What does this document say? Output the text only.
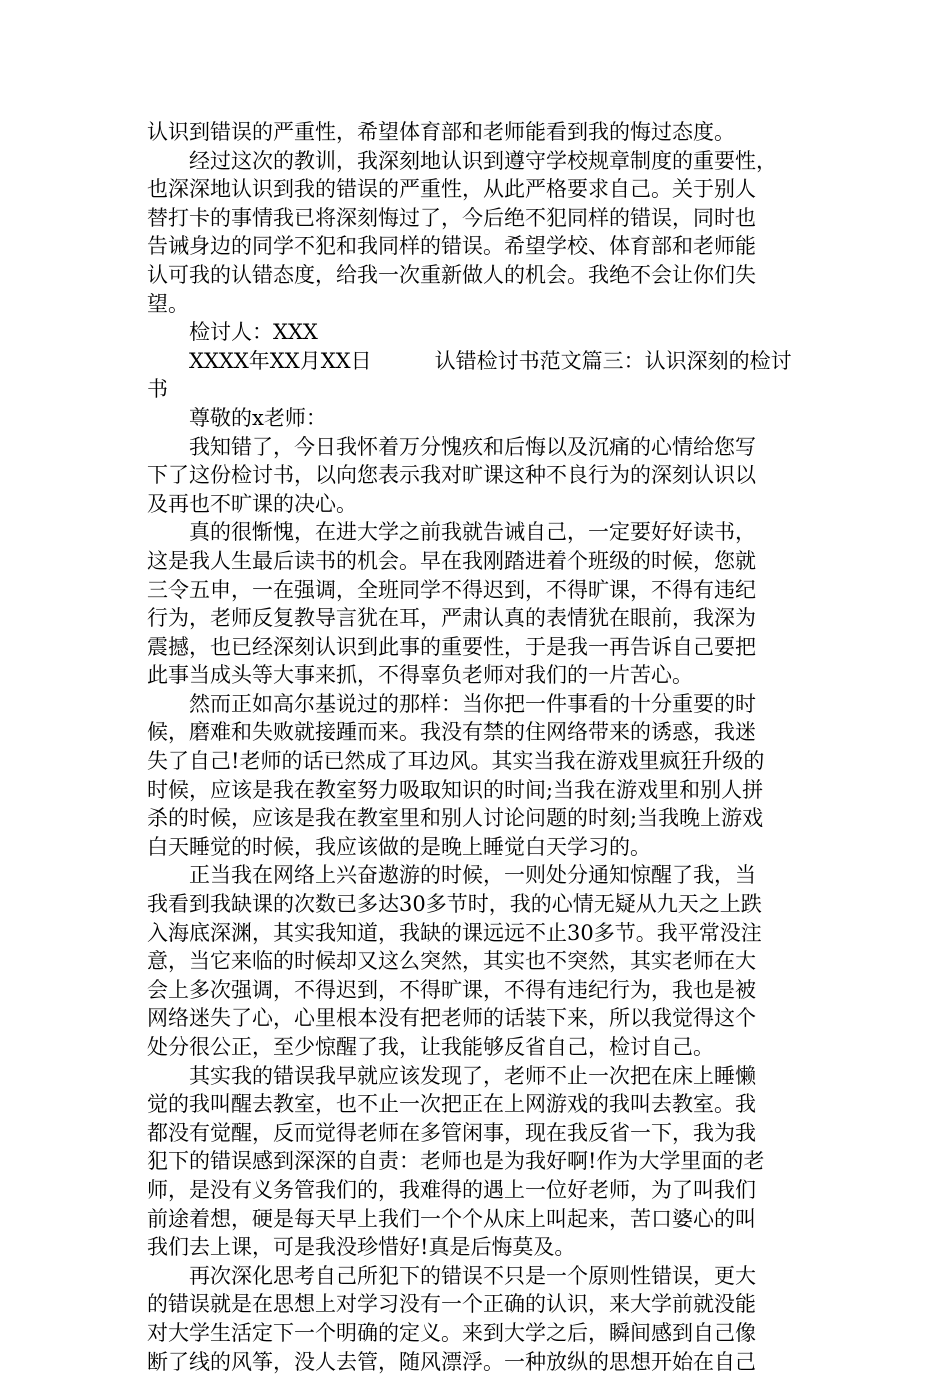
认识到错误的严重性，希望体育部和老师能看到我的悔过态度。
　　经过这次的教训，我深刻地认识到遵守学校规章制度的重要性，
也深深地认识到我的错误的严重性，从此严格要求自己。关于别人
替打卡的事情我已将深刻悔过了，今后绝不犯同样的错误，同时也
告诫身边的同学不犯和我同样的错误。希望学校、体育部和老师能
认可我的认错态度，给我一次重新做人的机会。我绝不会让你们失
望。
　　检讨人：XXX
　　XXXX年XX月XX日　　　认错检讨书范文篇三：认识深刻的检讨
书
　　尊敬的x老师：
　　我知错了，今日我怀着万分愧疚和后悔以及沉痛的心情给您写
下了这份检讨书，以向您表示我对旷课这种不良行为的深刻认识以
及再也不旷课的决心。
　　真的很惭愧，在进大学之前我就告诫自己，一定要好好读书，
这是我人生最后读书的机会。早在我刚踏进着个班级的时候，您就
三令五申，一在强调，全班同学不得迟到，不得旷课，不得有违纪
行为，老师反复教导言犹在耳，严肃认真的表情犹在眼前，我深为
震撼，也已经深刻认识到此事的重要性，于是我一再告诉自己要把
此事当成头等大事来抓，不得辜负老师对我们的一片苦心。
　　然而正如高尔基说过的那样：当你把一件事看的十分重要的时
候，磨难和失败就接踵而来。我没有禁的住网络带来的诱惑，我迷
失了自己!老师的话已然成了耳边风。其实当我在游戏里疯狂升级的
时候，应该是我在教室努力吸取知识的时间;当我在游戏里和别人拼
杀的时候，应该是我在教室里和别人讨论问题的时刻;当我晚上游戏
白天睡觉的时候，我应该做的是晚上睡觉白天学习的。
　　正当我在网络上兴奋遨游的时候，一则处分通知惊醒了我，当
我看到我缺课的次数已多达30多节时，我的心情无疑从九天之上跌
入海底深渊，其实我知道，我缺的课远远不止30多节。我平常没注
意，当它来临的时候却又这么突然，其实也不突然，其实老师在大
会上多次强调，不得迟到，不得旷课，不得有违纪行为，我也是被
网络迷失了心，心里根本没有把老师的话装下来，所以我觉得这个
处分很公正，至少惊醒了我，让我能够反省自己，检讨自己。
　　其实我的错误我早就应该发现了，老师不止一次把在床上睡懒
觉的我叫醒去教室，也不止一次把正在上网游戏的我叫去教室。我
都没有觉醒，反而觉得老师在多管闲事，现在我反省一下，我为我
犯下的错误感到深深的自责：老师也是为我好啊!作为大学里面的老
师，是没有义务管我们的，我难得的遇上一位好老师，为了叫我们
前途着想，硬是每天早上我们一个个从床上叫起来，苦口婆心的叫
我们去上课，可是我没珍惜好!真是后悔莫及。
　　再次深化思考自己所犯下的错误不只是一个原则性错误，更大
的错误就是在思想上对学习没有一个正确的认识，来大学前就没能
对大学生活定下一个明确的定义。来到大学之后，瞬间感到自己像
断了线的风筝，没人去管，随风漂浮。一种放纵的思想开始在自己
